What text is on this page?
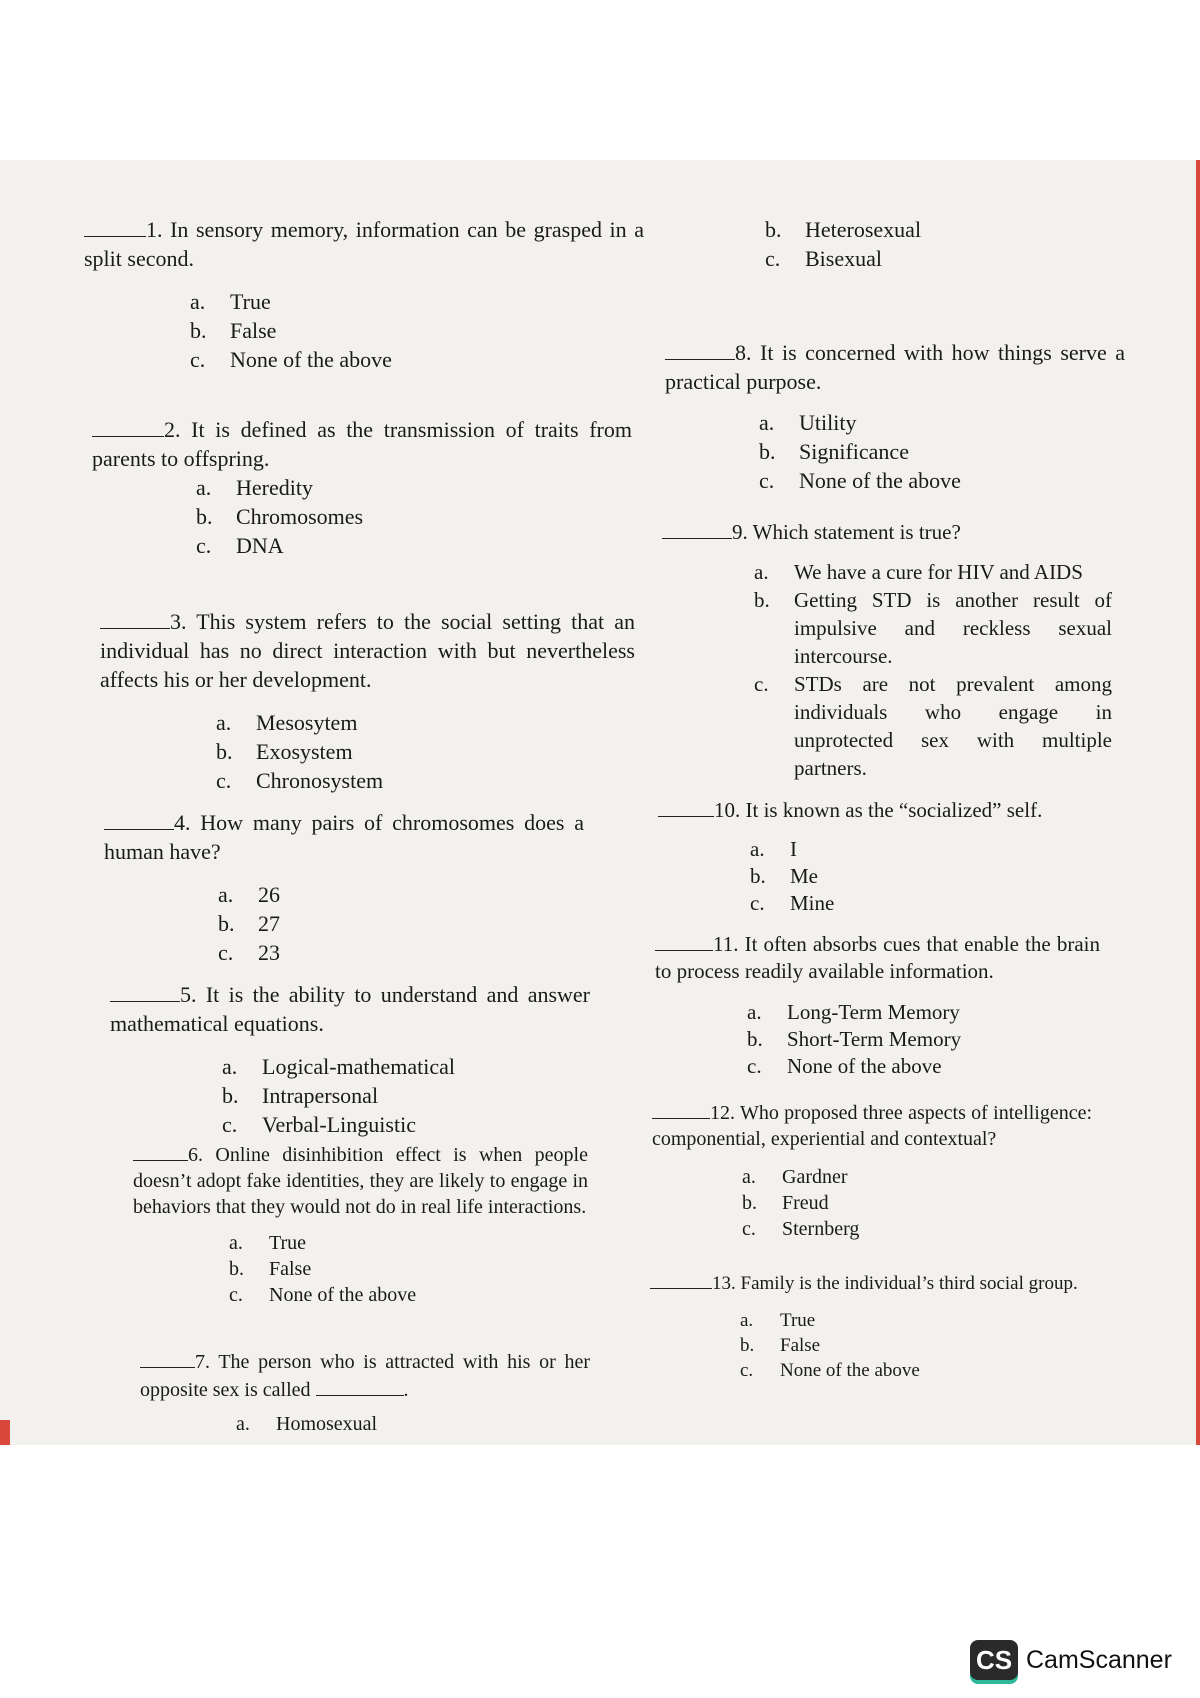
1. In sensory memory, information can be grasped in a split second.

a.	True
b.	False
c.	None of the above

2. It is defined as the transmission of traits from parents to offspring.

a.	Heredity
b.	Chromosomes
c.	DNA

3. This system refers to the social setting that an individual has no direct interaction with but nevertheless affects his or her development.

a.	Mesosytem
b.	Exosystem
c.	Chronosystem

4. How many pairs of chromosomes does a human have?

a.	26
b.	27
c.	23

5. It is the ability to understand and answer mathematical equations.

a.	Logical-mathematical
b.	Intrapersonal
c.	Verbal-Linguistic

6. Online disinhibition effect is when people doesn’t adopt fake identities, they are likely to engage in behaviors that they would not do in real life interactions.

a.	True
b.	False
c.	None of the above

7. The person who is attracted with his or her opposite sex is called	.

a.	Homosexual
b.	Heterosexual
c.	Bisexual

8. It is concerned with how things serve a practical purpose.

a.	Utility
b.	Significance
c.	None of the above

9. Which statement is true?

a.	We have a cure for HIV and AIDS
b.	Getting STD is another result of impulsive and reckless sexual intercourse.
c.	STDs are not prevalent among individuals who engage in unprotected sex with multiple partners.

10. It is known as the “socialized” self.

a.	I
b.	Me
c.	Mine

11. It often absorbs cues that enable the brain to process readily available information.

a.	Long-Term Memory
b.	Short-Term Memory
c.	None of the above

12. Who proposed three aspects of intelligence: componential, experiential and contextual?

a.	Gardner
b.	Freud
c.	Sternberg

13. Family is the individual’s third social group.

a.	True
b.	False
c.	None of the above
CS CamScanner
